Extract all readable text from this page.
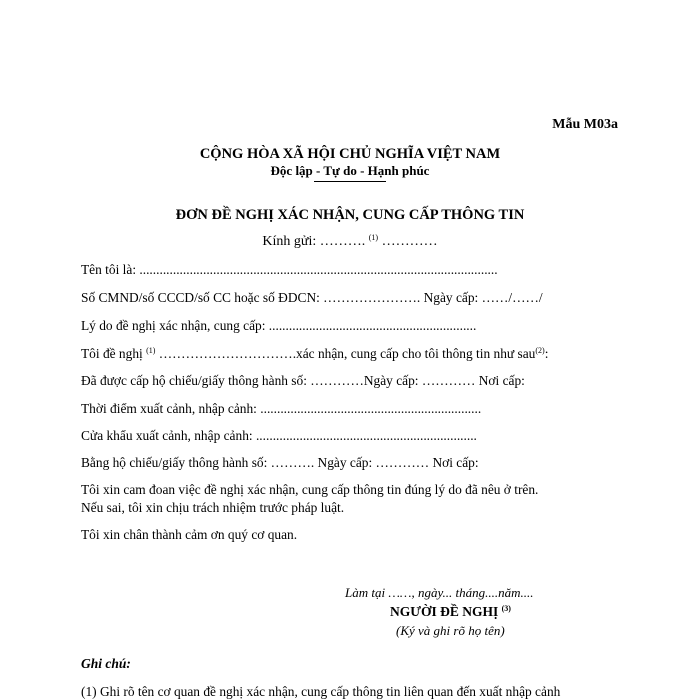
Mẫu M03a
CỘNG HÒA XÃ HỘI CHỦ NGHĨA VIỆT NAM
Độc lập - Tự do - Hạnh phúc
ĐƠN ĐỀ NGHỊ XÁC NHẬN, CUNG CẤP THÔNG TIN
Kính gửi: ………. $^{(1)}$ …………
Tên tôi là: ...........................................................................................................
Số CMND/số CCCD/số CC hoặc số ĐDCN: …………………. Ngày cấp: ……/……/
Lý do đề nghị xác nhận, cung cấp: ..............................................................
Tôi đề nghị $^{(1)}$ ………………………….xác nhận, cung cấp cho tôi thông tin như sau$^{(2)}$:
Đã được cấp hộ chiếu/giấy thông hành số: …………Ngày cấp: ………… Nơi cấp:
Thời điểm xuất cảnh, nhập cảnh: ..................................................................
Cửa khẩu xuất cảnh, nhập cảnh: ..................................................................
Bằng hộ chiếu/giấy thông hành số: ………. Ngày cấp: ………… Nơi cấp:
Tôi xin cam đoan việc đề nghị xác nhận, cung cấp thông tin đúng lý do đã nêu ở trên.
Nếu sai, tôi xin chịu trách nhiệm trước pháp luật.
Tôi xin chân thành cảm ơn quý cơ quan.
Làm tại ……, ngày... tháng....năm....
NGƯỜI ĐỀ NGHỊ $^{(3)}$
(Ký và ghi rõ họ tên)
Ghi chú:
(1) Ghi rõ tên cơ quan đề nghị xác nhận, cung cấp thông tin liên quan đến xuất nhập cảnh
